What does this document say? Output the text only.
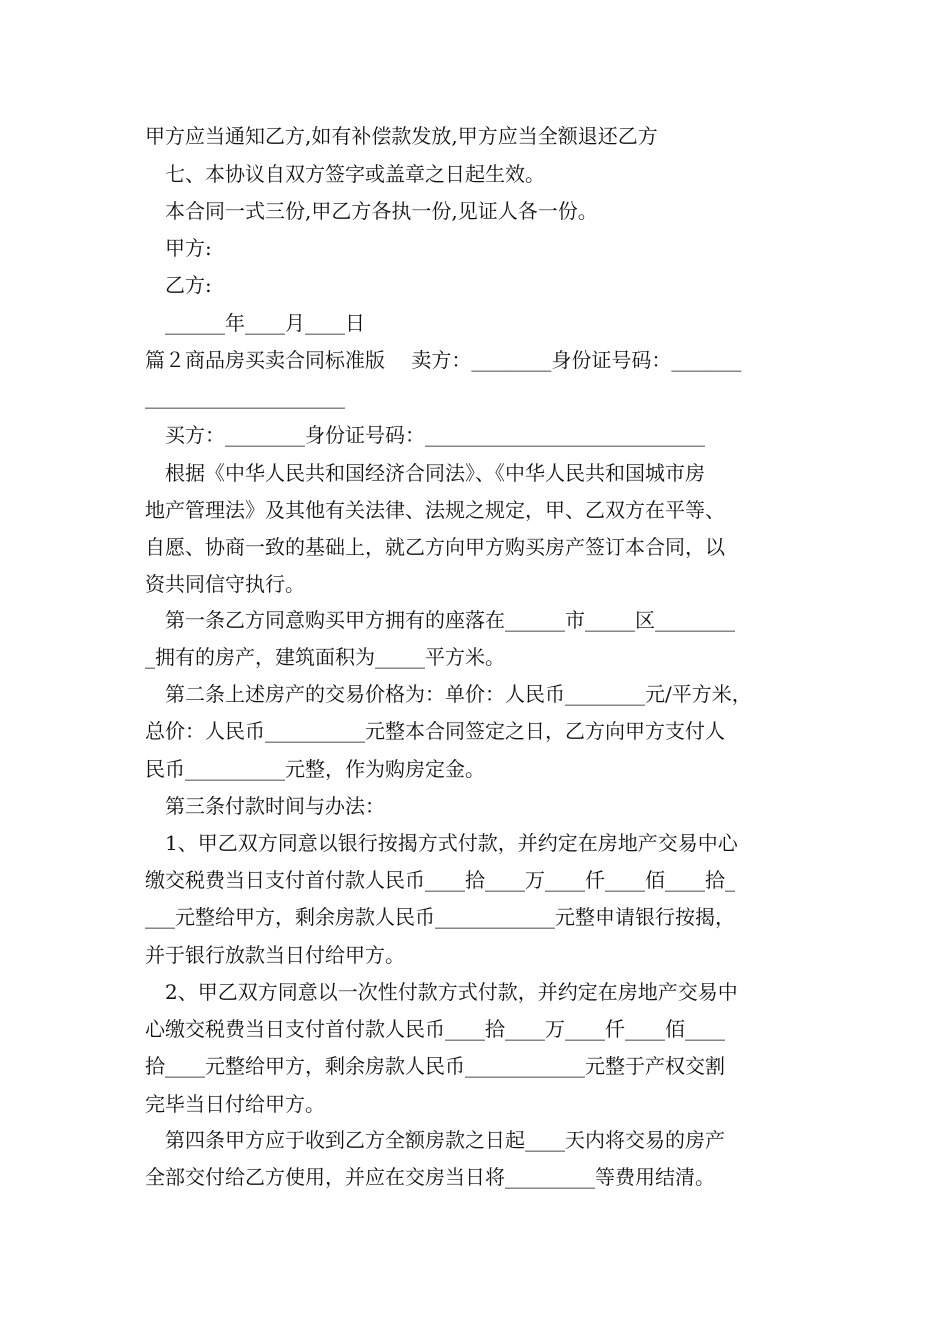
甲方应当通知乙方,如有补偿款发放,甲方应当全额退还乙方
　七、本协议自双方签字或盖章之日起生效。
　本合同一式三份,甲乙方各执一份,见证人各一份。
　甲方:
　乙方:
　______年____月____日
篇２商品房买卖合同标准版　 卖方：________身份证号码：_______
____________________
　买方：________身份证号码：____________________________
　根据《中华人民共和国经济合同法》、《中华人民共和国城市房
地产管理法》及其他有关法律、法规之规定，甲、乙双方在平等、
自愿、协商一致的基础上，就乙方向甲方购买房产签订本合同，以
资共同信守执行。
　第一条乙方同意购买甲方拥有的座落在______市_____区________
_拥有的房产，建筑面积为_____平方米。
　第二条上述房产的交易价格为：单价：人民币________元/平方米，
总价：人民币__________元整本合同签定之日，乙方向甲方支付人
民币__________元整，作为购房定金。
　第三条付款时间与办法：
　1、甲乙双方同意以银行按揭方式付款，并约定在房地产交易中心
缴交税费当日支付首付款人民币____拾____万____仟____佰____拾_
___元整给甲方，剩余房款人民币____________元整申请银行按揭，
并于银行放款当日付给甲方。
　2、甲乙双方同意以一次性付款方式付款，并约定在房地产交易中
心缴交税费当日支付首付款人民币____拾____万____仟____佰____
拾____元整给甲方，剩余房款人民币____________元整于产权交割
完毕当日付给甲方。
　第四条甲方应于收到乙方全额房款之日起____天内将交易的房产
全部交付给乙方使用，并应在交房当日将_________等费用结清。
